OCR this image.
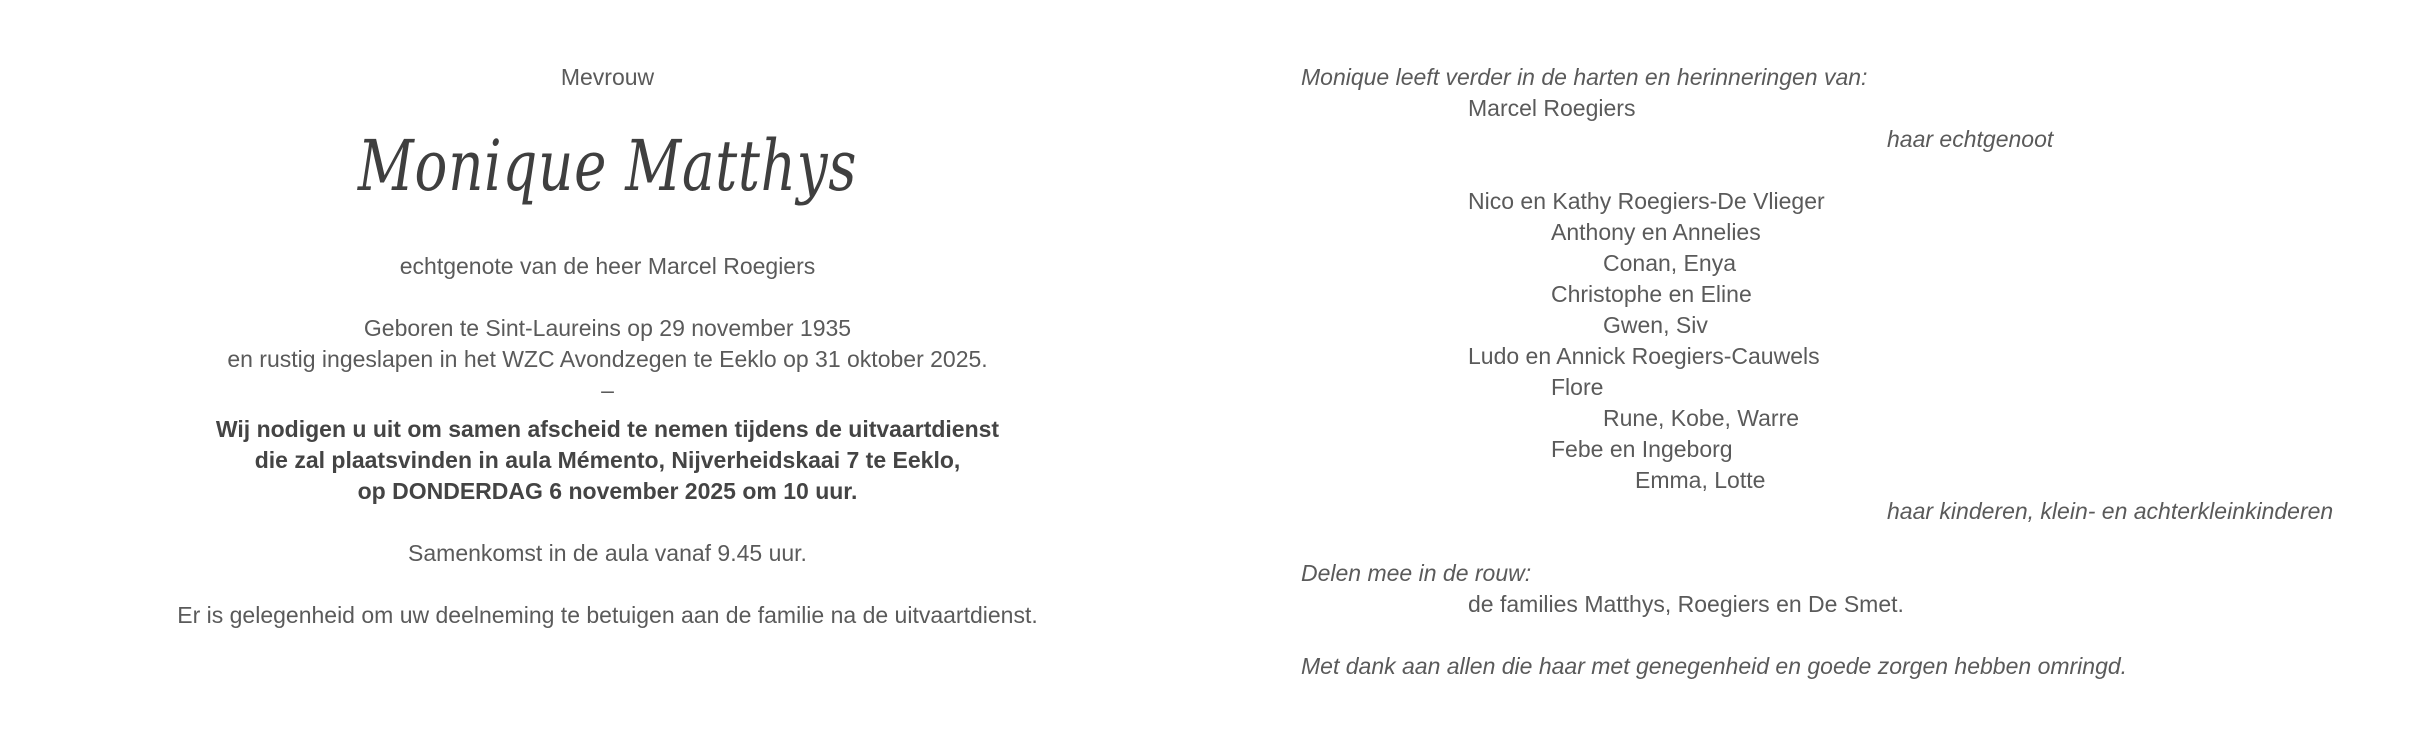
Mevrouw

Monique Matthys

echtgenote van de heer Marcel Roegiers

Geboren te Sint-Laureins op 29 november 1935

en rustig ingeslapen in het WZC Avondzegen te Eeklo op 31 oktober 2025.

–

Wij nodigen u uit om samen afscheid te nemen tijdens de uitvaartdienst

die zal plaatsvinden in aula Mémento, Nijverheidskaai 7 te Eeklo,

op DONDERDAG 6 november 2025 om 10 uur.

Samenkomst in de aula vanaf 9.45 uur.

Er is gelegenheid om uw deelneming te betuigen aan de familie na de uitvaartdienst.

Monique leeft verder in de harten en herinneringen van:
Marcel Roegiers
haar echtgenoot
Nico en Kathy Roegiers-De Vlieger
Anthony en Annelies
Conan, Enya
Christophe en Eline
Gwen, Siv
Ludo en Annick Roegiers-Cauwels
Flore
Rune, Kobe, Warre
Febe en Ingeborg
Emma, Lotte
haar kinderen, klein- en achterkleinkinderen
Delen mee in de rouw:
de families Matthys, Roegiers en De Smet.
Met dank aan allen die haar met genegenheid en goede zorgen hebben omringd.
